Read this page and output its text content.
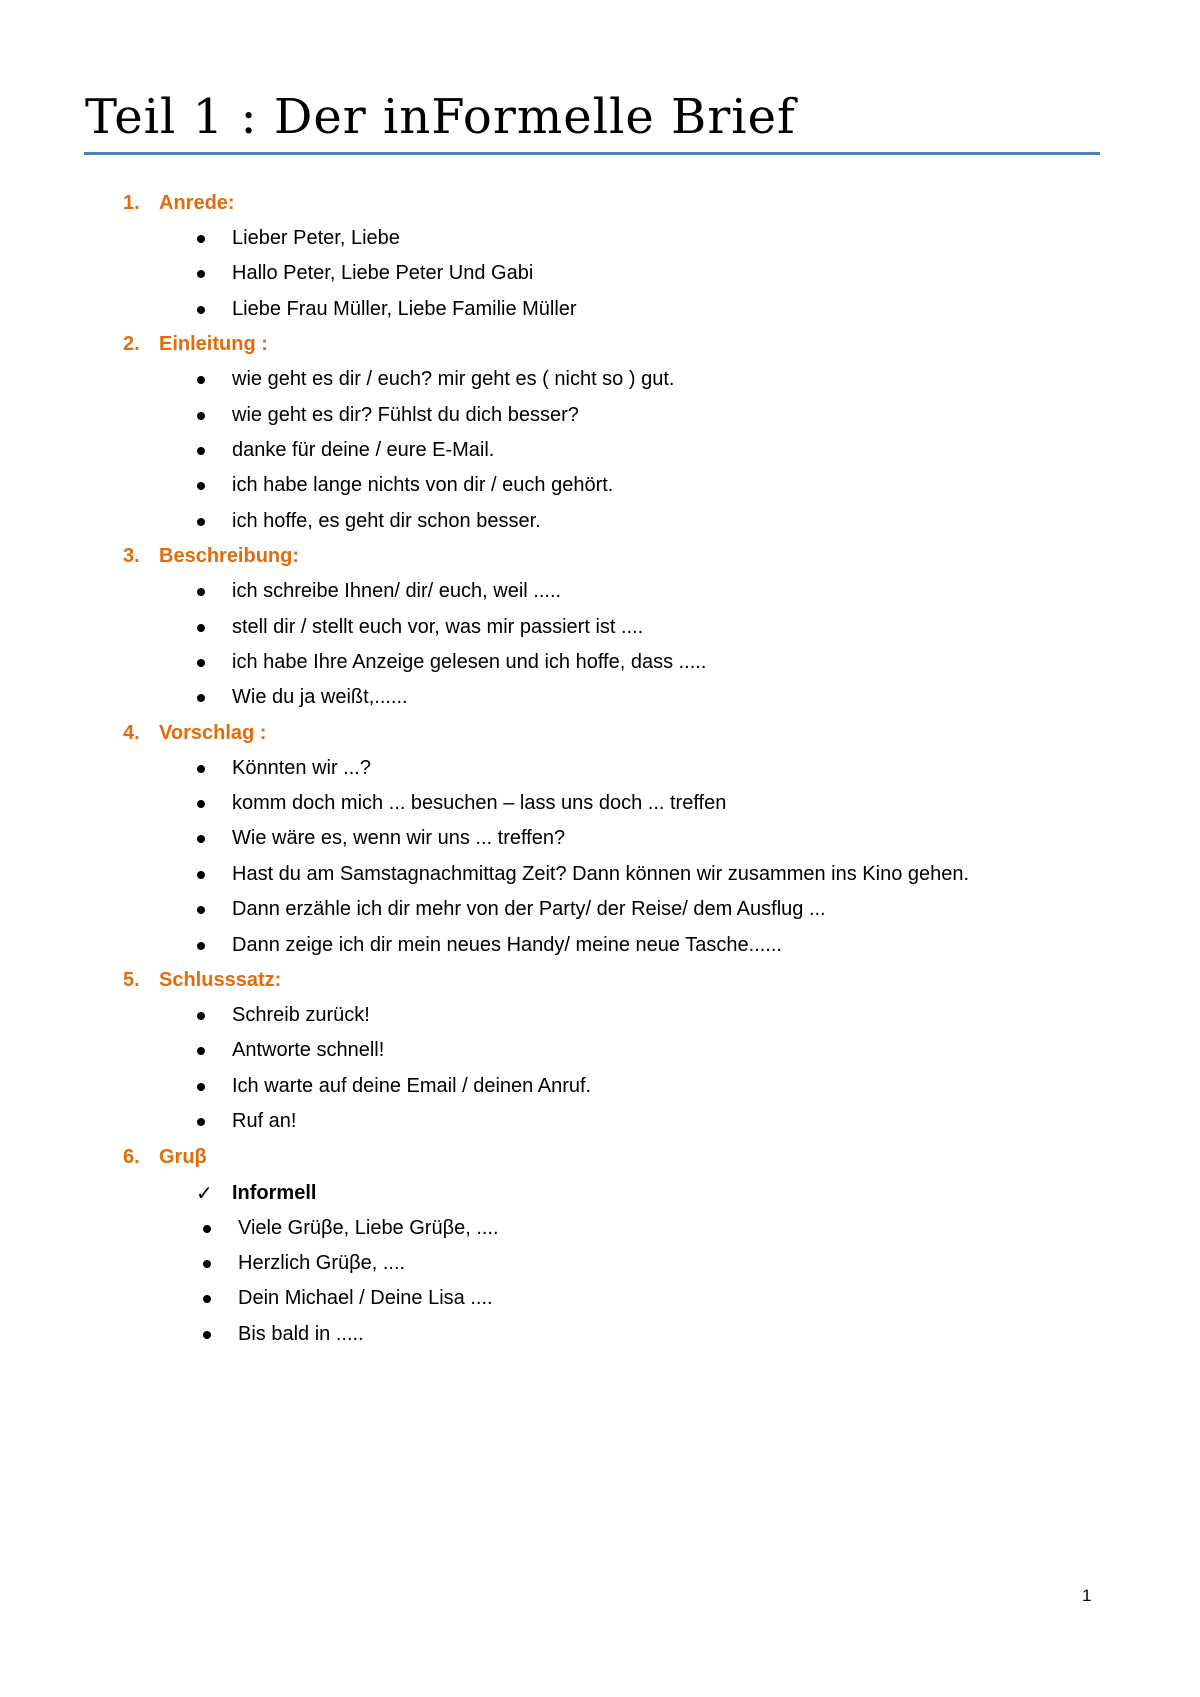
Teil 1 : Der inFormelle Brief
1. Anrede:
Lieber Peter, Liebe
Hallo Peter, Liebe Peter Und Gabi
Liebe Frau Müller, Liebe Familie Müller
2. Einleitung :
wie geht es dir / euch? mir geht es ( nicht so ) gut.
wie geht es dir? Fühlst du dich besser?
danke für deine / eure E-Mail.
ich habe lange nichts von dir / euch gehört.
ich hoffe, es geht dir schon besser.
3. Beschreibung:
ich schreibe Ihnen/ dir/ euch, weil .....
stell dir / stellt euch vor, was mir passiert ist ....
ich habe Ihre Anzeige gelesen und ich hoffe, dass .....
Wie du ja weißt,......
4. Vorschlag :
Könnten wir ...?
komm doch mich ... besuchen – lass uns doch ... treffen
Wie wäre es, wenn wir uns ... treffen?
Hast du am Samstagnachmittag Zeit? Dann können wir zusammen ins Kino gehen.
Dann erzähle ich dir mehr von der Party/ der Reise/ dem Ausflug ...
Dann zeige ich dir mein neues Handy/ meine neue Tasche......
5. Schlusssatz:
Schreib zurück!
Antworte schnell!
Ich warte auf deine Email / deinen Anruf.
Ruf an!
6. Gruβ
✓ Informell
Viele Grüβe, Liebe Grüβe, ....
Herzlich Grüβe, ....
Dein Michael / Deine Lisa ....
Bis bald in .....
1
